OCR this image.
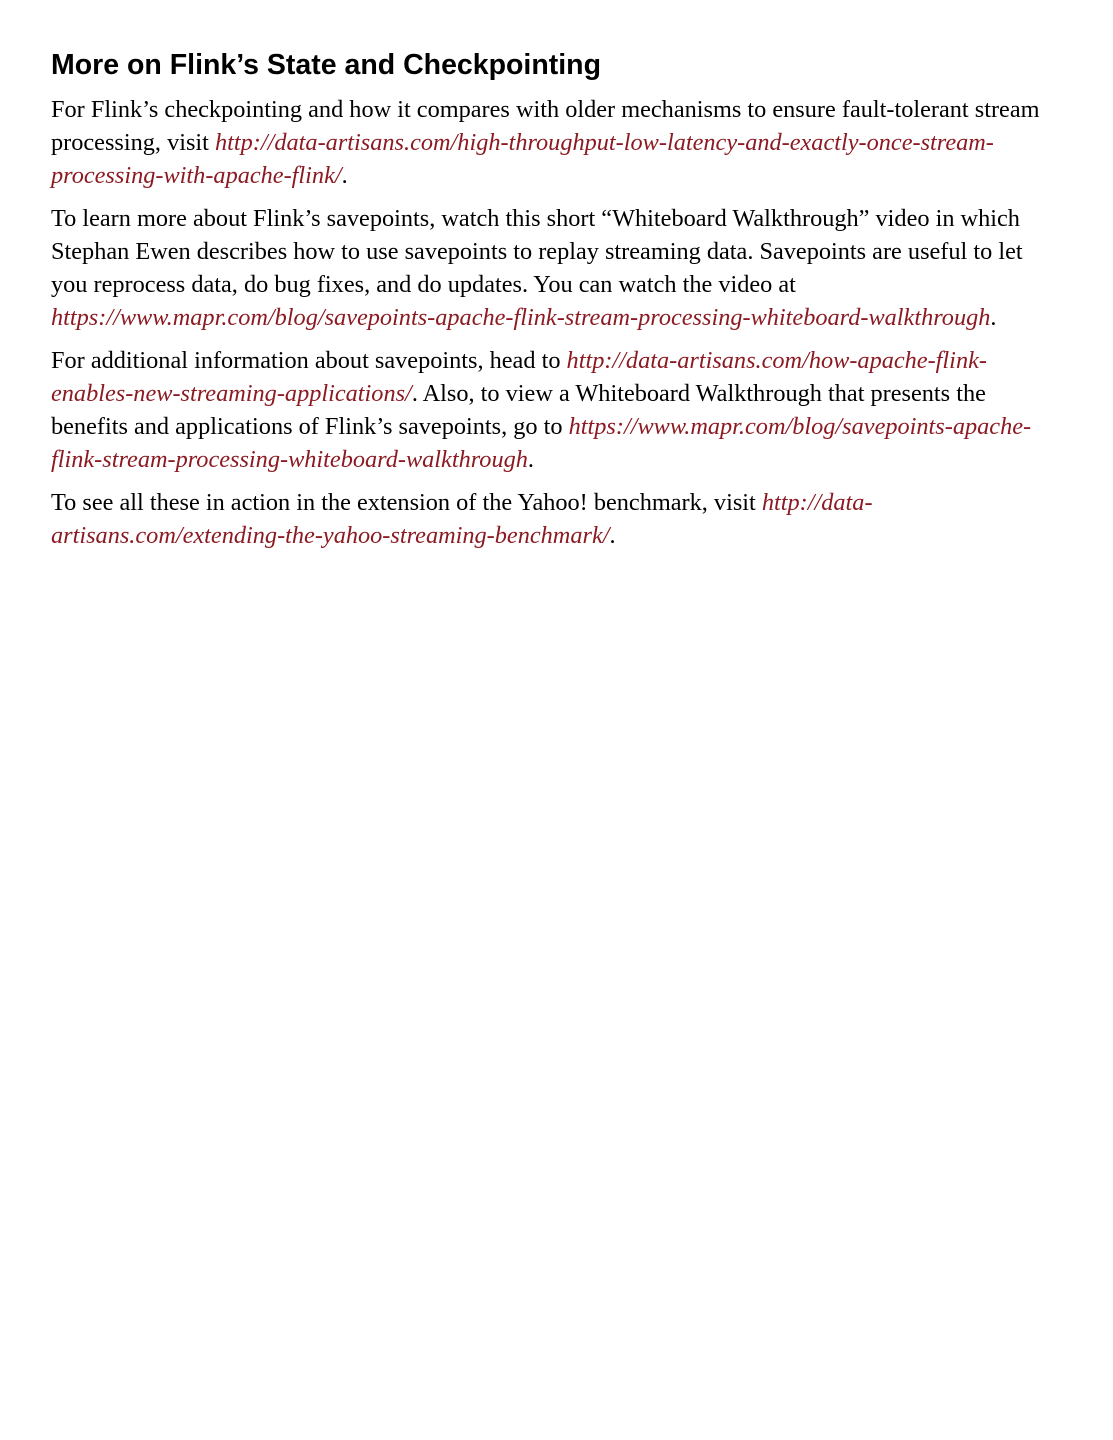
More on Flink’s State and Checkpointing

For Flink’s checkpointing and how it compares with older mechanisms to ensure fault-tolerant stream processing, visit http://data-artisans.com/high-throughput-low-latency-and-exactly-once-stream-processing-with-apache-flink/.

To learn more about Flink’s savepoints, watch this short “Whiteboard Walkthrough” video in which Stephan Ewen describes how to use savepoints to replay streaming data. Savepoints are useful to let you reprocess data, do bug fixes, and do updates. You can watch the video at https://www.mapr.com/blog/savepoints-apache-flink-stream-processing-whiteboard-walkthrough.

For additional information about savepoints, head to http://data-artisans.com/how-apache-flink-enables-new-streaming-applications/. Also, to view a Whiteboard Walkthrough that presents the benefits and applications of Flink’s savepoints, go to https://www.mapr.com/blog/savepoints-apache-flink-stream-processing-whiteboard-walkthrough.

To see all these in action in the extension of the Yahoo! benchmark, visit http://data-artisans.com/extending-the-yahoo-streaming-benchmark/.
